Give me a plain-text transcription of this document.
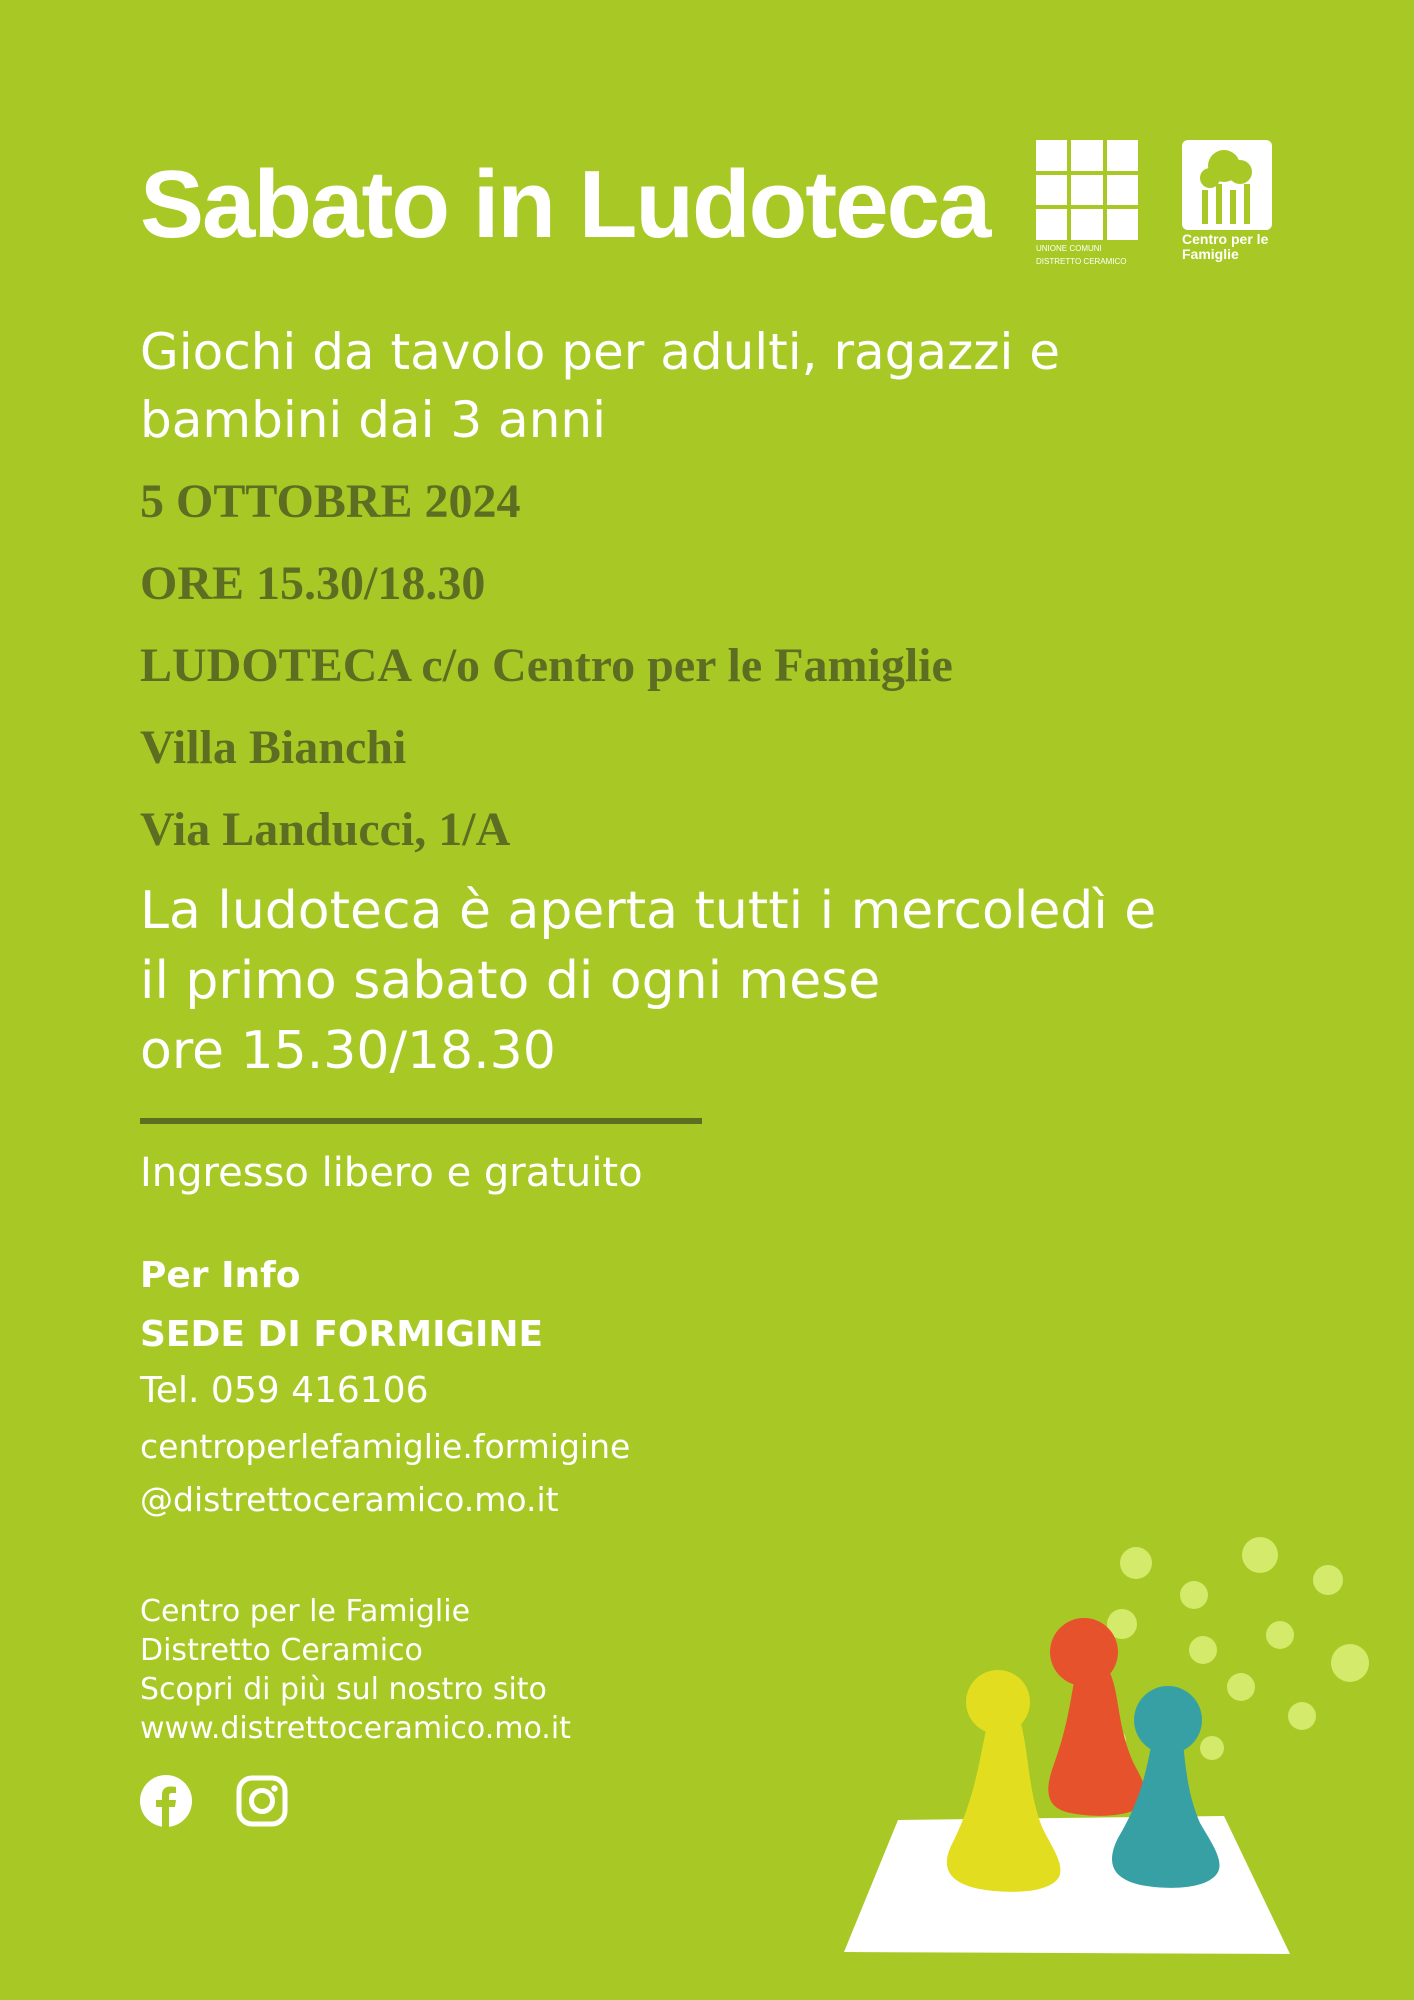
Sabato in Ludoteca	UNIONE COMUNI
DISTRETTO CERAMICO
Centro per le
Famiglie
Giochi da tavolo per adulti, ragazzi e bambini dai 3 anni
5 OTTOBRE 2024
ORE 15.30/18.30
LUDOTECA c/o Centro per le Famiglie
Villa Bianchi
Via Landucci, 1/A
La ludoteca è aperta tutti i mercoledì e
il primo sabato di ogni mese
ore 15.30/18.30
Ingresso libero e gratuito
Per Info
SEDE DI FORMIGINE
Tel. 059 416106
centroperlefamiglie.formigine
@distrettoceramico.mo.it
Centro per le Famiglie
Distretto Ceramico
Scopri di più sul nostro sito
www.distrettoceramico.mo.it
